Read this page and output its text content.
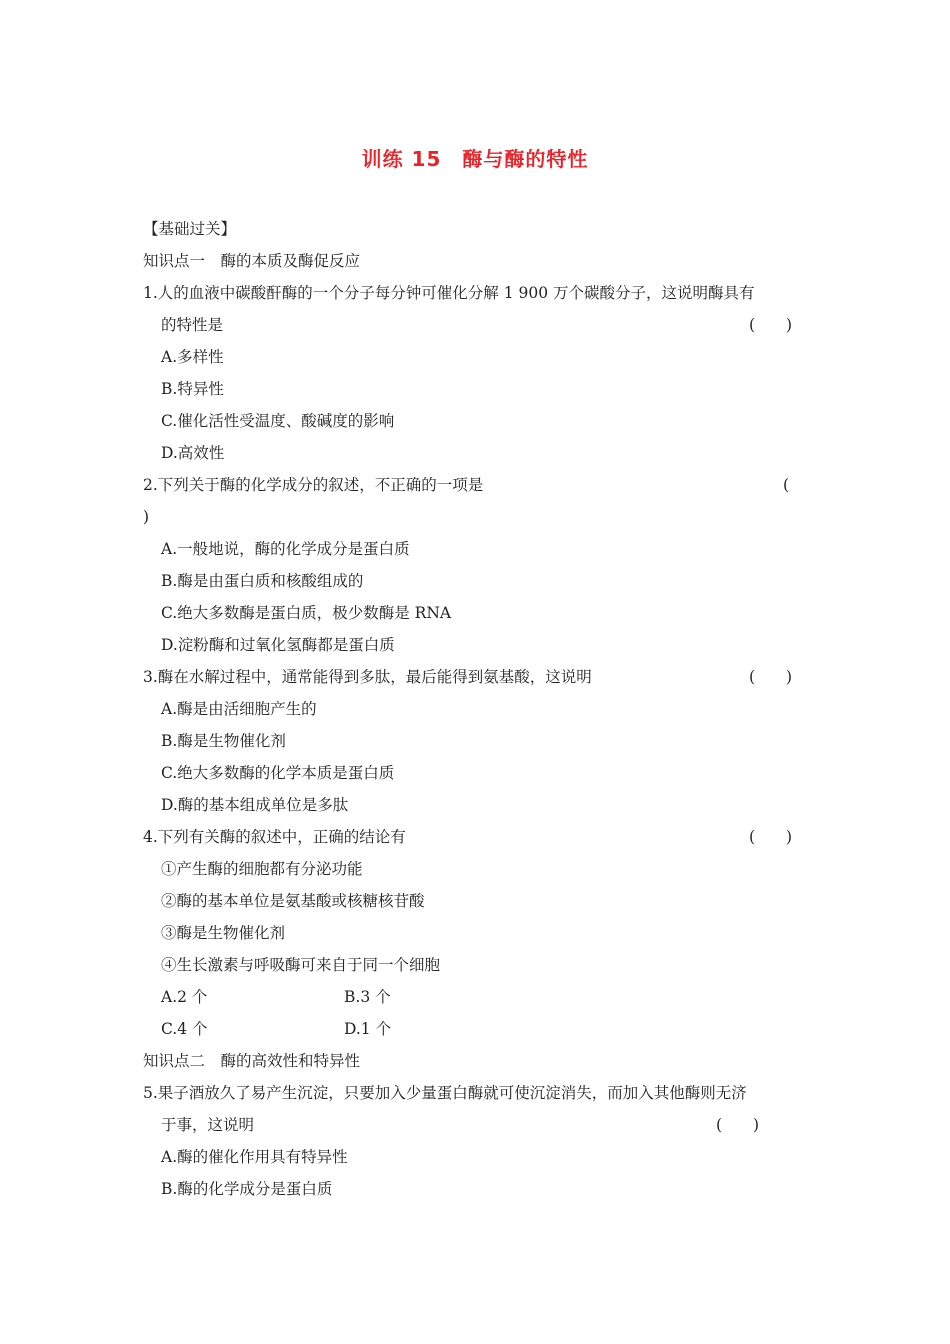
训练 15　酶与酶的特性
【基础过关】
知识点一　酶的本质及酶促反应
1.人的血液中碳酸酐酶的一个分子每分钟可催化分解 1 900 万个碳酸分子，这说明酶具有
的特性是	(　　)
A.多样性
B.特异性
C.催化活性受温度、酸碱度的影响
D.高效性
2.下列关于酶的化学成分的叙述，不正确的一项是	(
)
A.一般地说，酶的化学成分是蛋白质
B.酶是由蛋白质和核酸组成的
C.绝大多数酶是蛋白质，极少数酶是 RNA
D.淀粉酶和过氧化氢酶都是蛋白质
3.酶在水解过程中，通常能得到多肽，最后能得到氨基酸，这说明	(　　)
A.酶是由活细胞产生的
B.酶是生物催化剂
C.绝大多数酶的化学本质是蛋白质
D.酶的基本组成单位是多肽
4.下列有关酶的叙述中，正确的结论有	(　　)
①产生酶的细胞都有分泌功能
②酶的基本单位是氨基酸或核糖核苷酸
③酶是生物催化剂
④生长激素与呼吸酶可来自于同一个细胞
A.2 个	B.3 个
C.4 个	D.1 个
知识点二　酶的高效性和特异性
5.果子酒放久了易产生沉淀，只要加入少量蛋白酶就可使沉淀消失，而加入其他酶则无济
于事，这说明	(　　)
A.酶的催化作用具有特异性
B.酶的化学成分是蛋白质
